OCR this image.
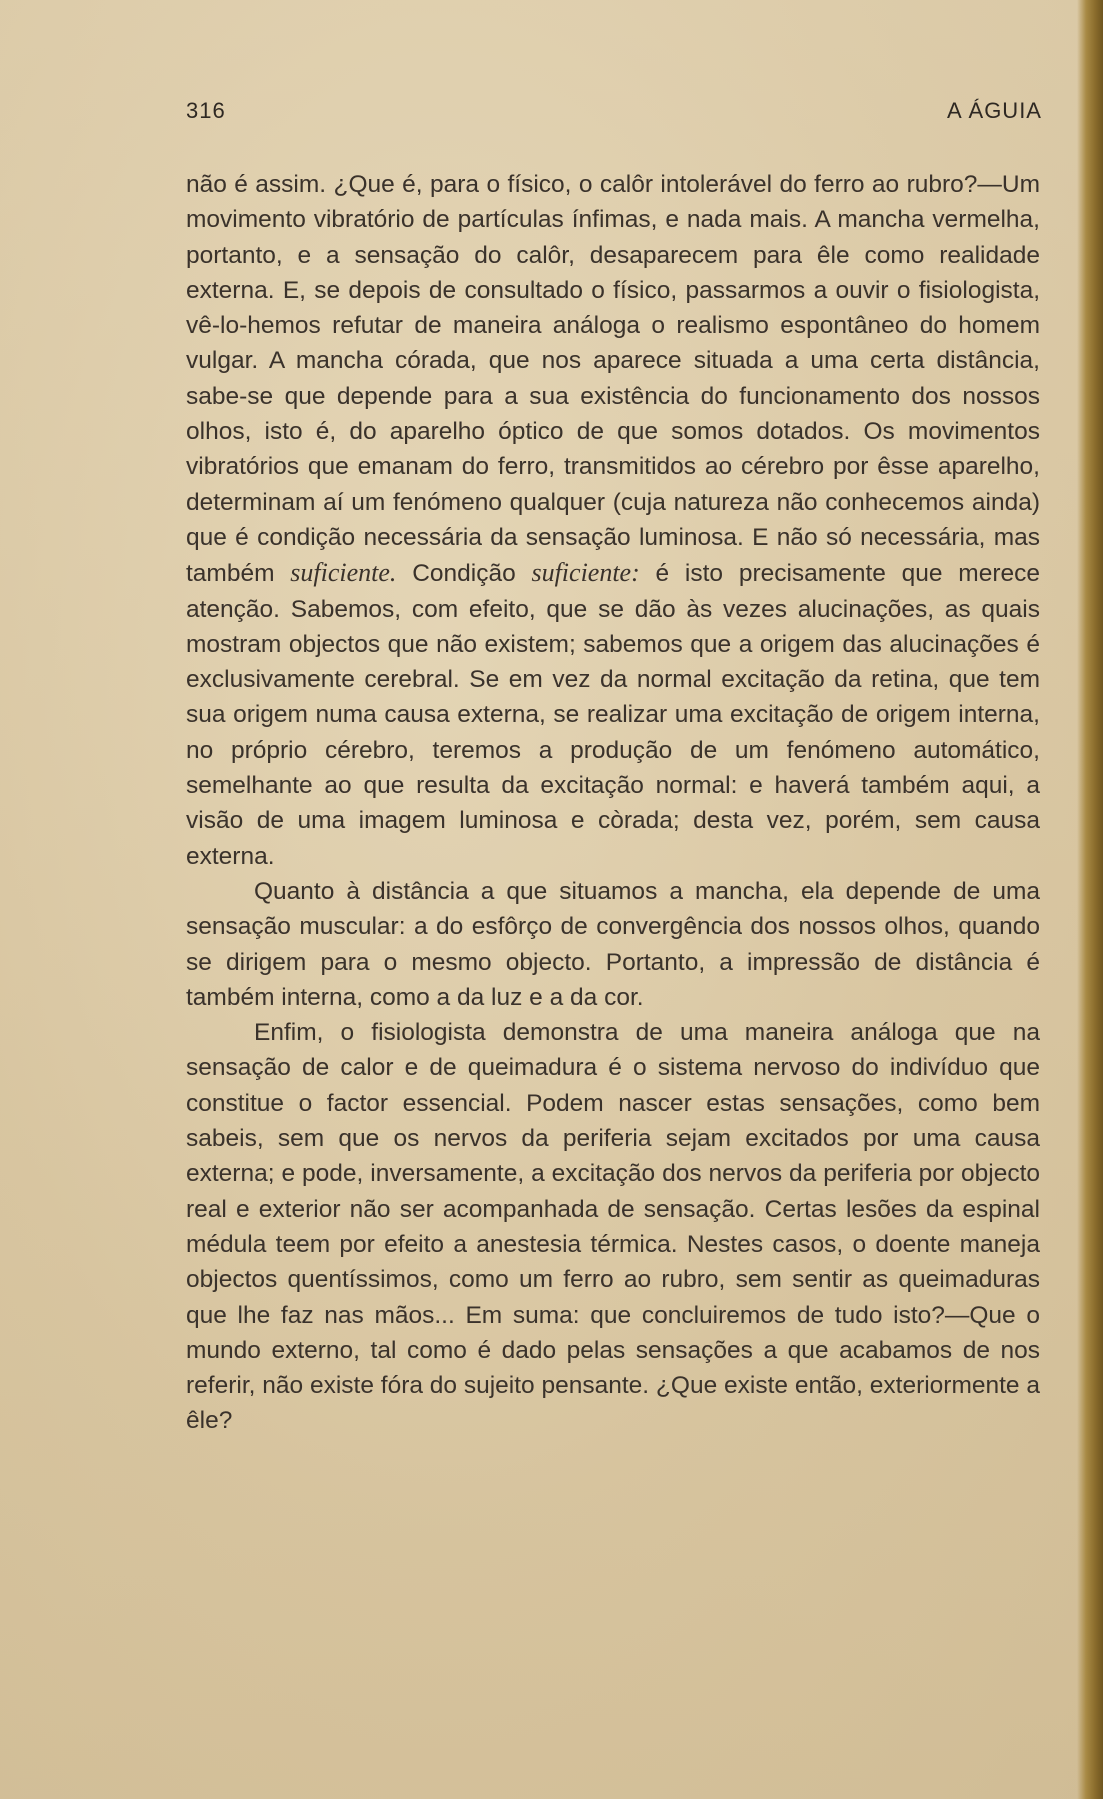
316	A ÁGUIA

não é assim. ¿Que é, para o físico, o calôr intolerável do ferro ao rubro?—Um movimento vibratório de partículas ínfimas, e nada mais. A mancha vermelha, portanto, e a sensação do calôr, desaparecem para êle como realidade externa. E, se depois de consultado o físico, passarmos a ouvir o fisiologista, vê-lo-hemos refutar de maneira análoga o realismo espontâneo do homem vulgar. A mancha córada, que nos aparece situada a uma certa distância, sabe-se que depende para a sua existência do funcionamento dos nossos olhos, isto é, do aparelho óptico de que somos dotados. Os movimentos vibratórios que emanam do ferro, transmitidos ao cérebro por êsse aparelho, determinam aí um fenómeno qualquer (cuja natureza não conhecemos ainda) que é condição necessária da sensação luminosa. E não só necessária, mas também suficiente. Condição suficiente: é isto precisamente que merece atenção. Sabemos, com efeito, que se dão às vezes alucinações, as quais mostram objectos que não existem; sabemos que a origem das alucinações é exclusivamente cerebral. Se em vez da normal excitação da retina, que tem sua origem numa causa externa, se realizar uma excitação de origem interna, no próprio cérebro, teremos a produção de um fenómeno automático, semelhante ao que resulta da excitação normal: e haverá também aqui, a visão de uma imagem luminosa e còrada; desta vez, porém, sem causa externa.

Quanto à distância a que situamos a mancha, ela depende de uma sensação muscular: a do esfôrço de convergência dos nossos olhos, quando se dirigem para o mesmo objecto. Portanto, a impressão de distância é também interna, como a da luz e a da cor.

Enfim, o fisiologista demonstra de uma maneira análoga que na sensação de calor e de queimadura é o sistema nervoso do indivíduo que constitue o factor essencial. Podem nascer estas sensações, como bem sabeis, sem que os nervos da periferia sejam excitados por uma causa externa; e pode, inversamente, a excitação dos nervos da periferia por objecto real e exterior não ser acompanhada de sensação. Certas lesões da espinal médula teem por efeito a anestesia térmica. Nestes casos, o doente maneja objectos quentíssimos, como um ferro ao rubro, sem sentir as queimaduras que lhe faz nas mãos... Em suma: que concluiremos de tudo isto?—Que o mundo externo, tal como é dado pelas sensações a que acabamos de nos referir, não existe fóra do sujeito pensante. ¿Que existe então, exteriormente a êle?
